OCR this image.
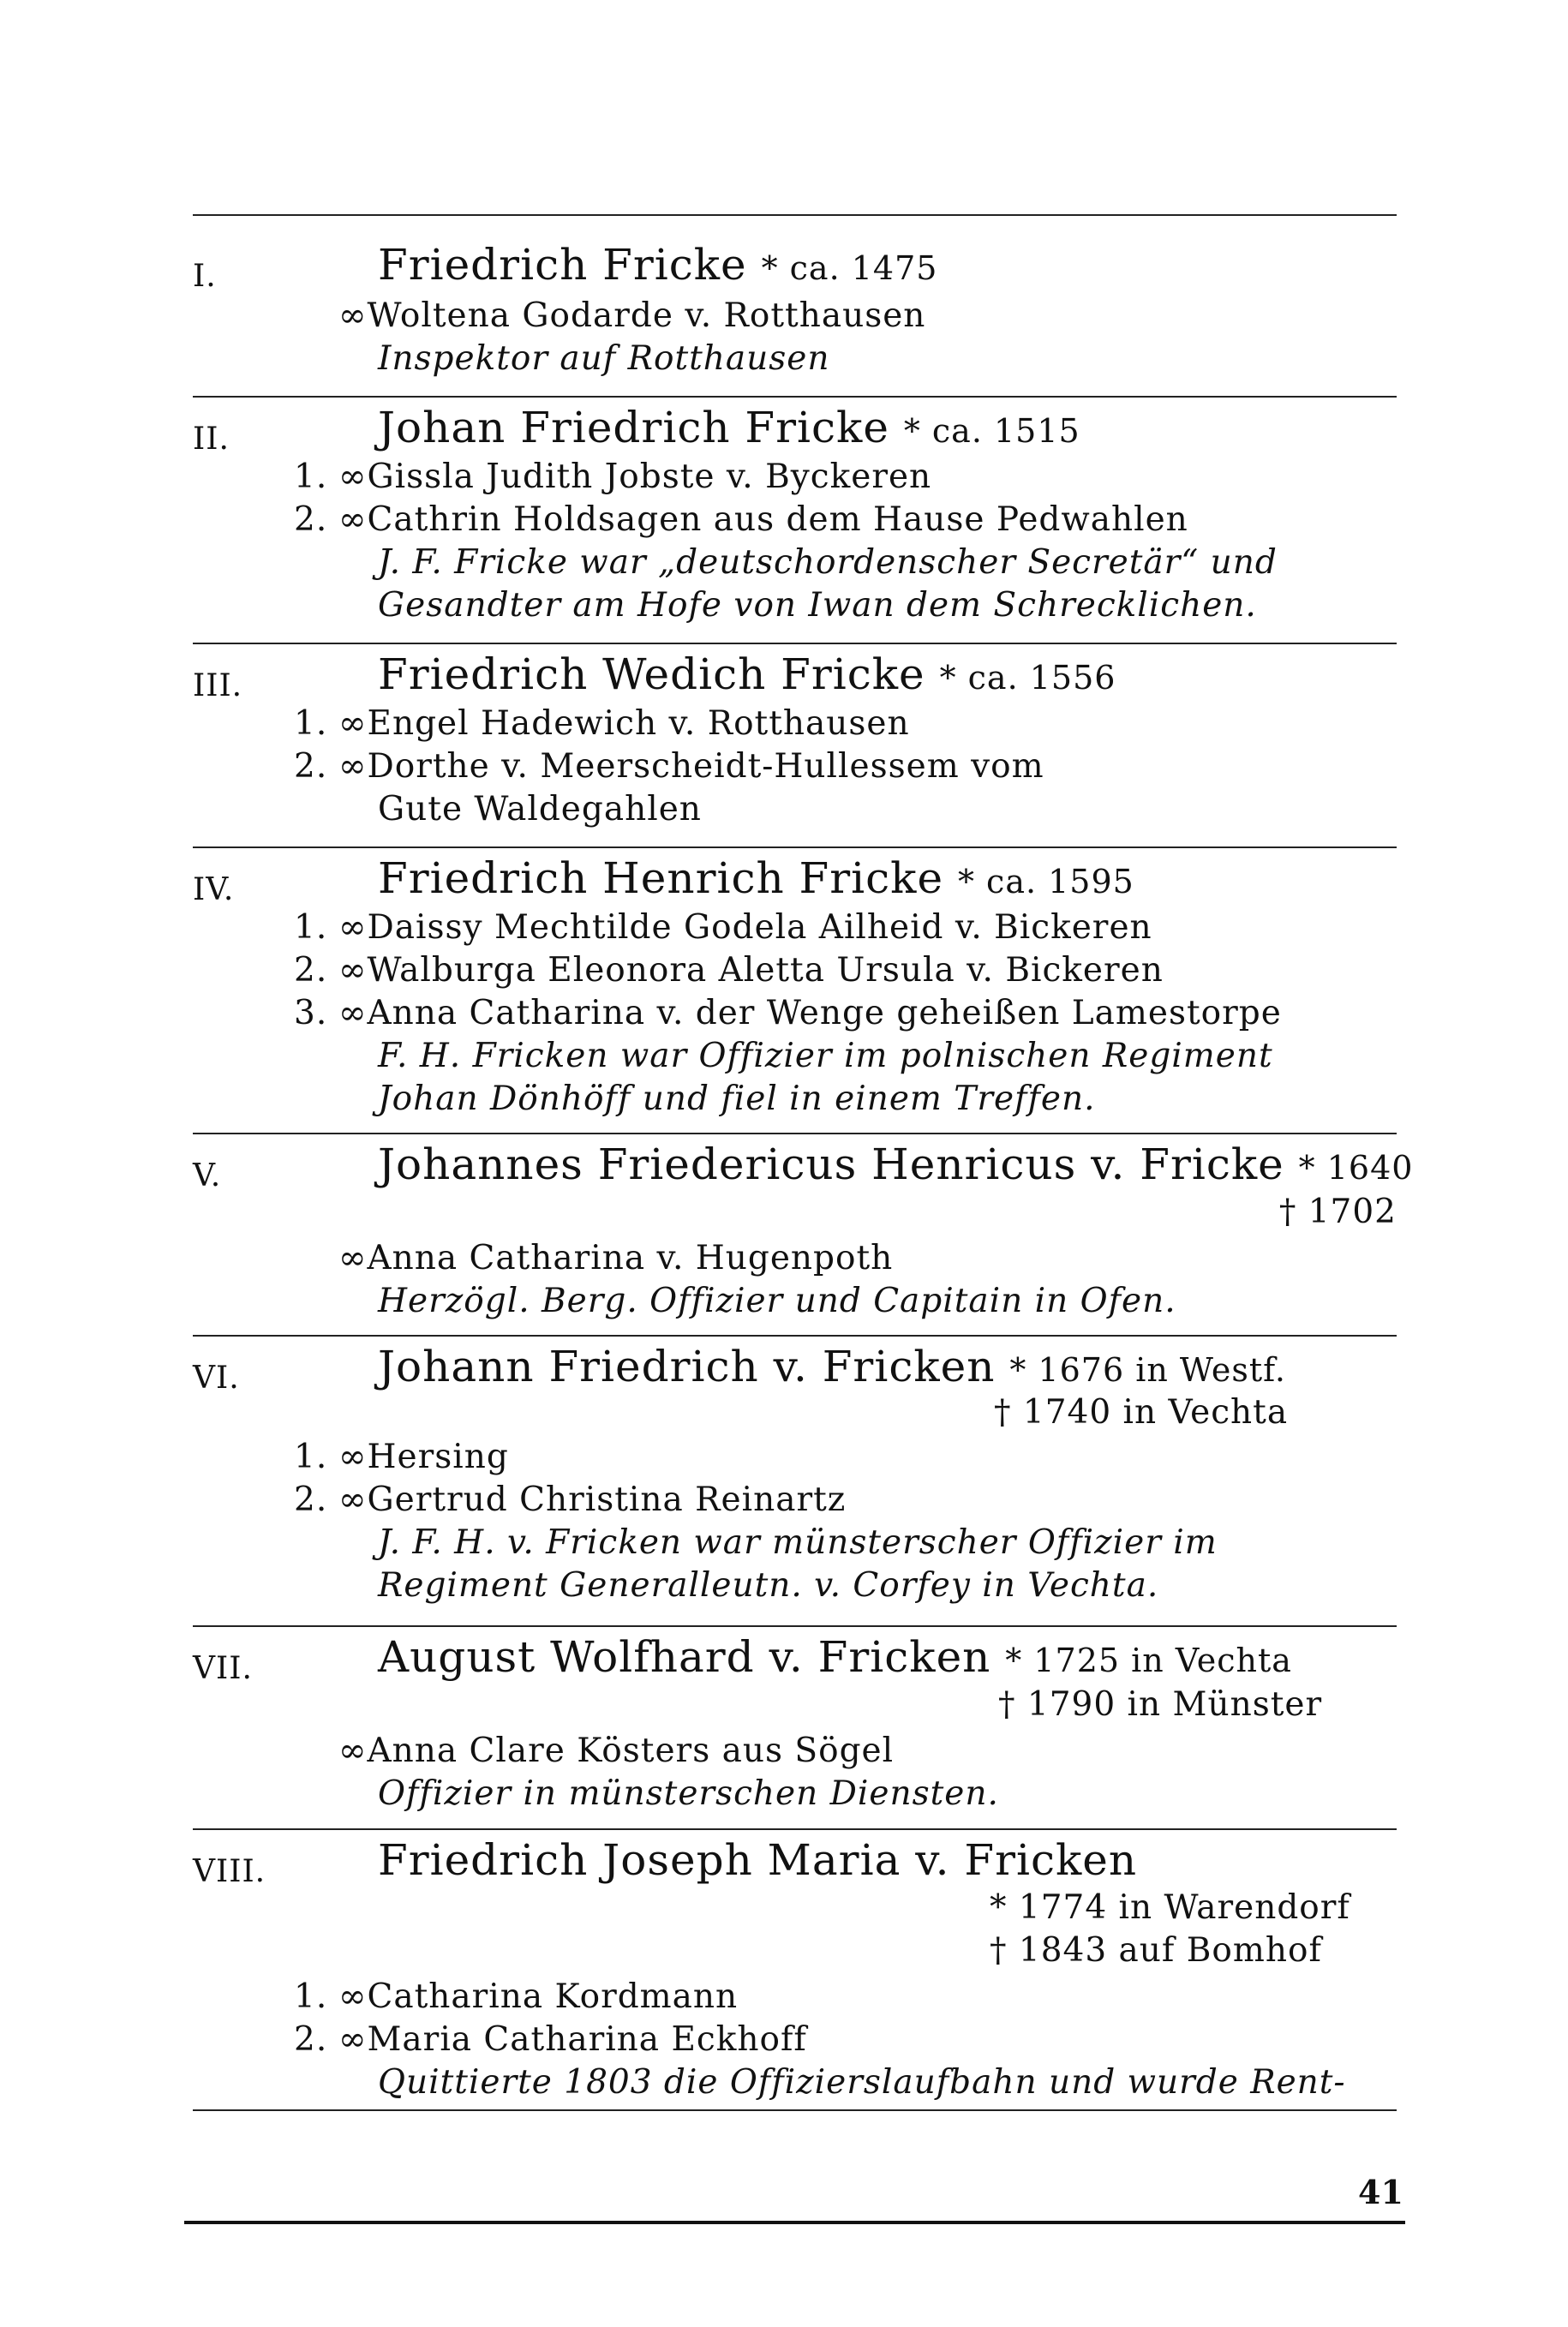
I.	Friedrich Fricke * ca. 1475
∞Woltena Godarde v. Rotthausen
Inspektor auf Rotthausen
II.	Johan Friedrich Fricke * ca. 1515
1. ∞Gissla Judith Jobste v. Byckeren
2. ∞Cathrin Holdsagen aus dem Hause Pedwahlen
J. F. Fricke war „deutschordenscher Secretär“ und
Gesandter am Hofe von Iwan dem Schrecklichen.
III.	Friedrich Wedich Fricke * ca. 1556
1. ∞Engel Hadewich v. Rotthausen
2. ∞Dorthe v. Meerscheidt-Hullessem vom
Gute Waldegahlen
IV.	Friedrich Henrich Fricke * ca. 1595
1. ∞Daissy Mechtilde Godela Ailheid v. Bickeren
2. ∞Walburga Eleonora Aletta Ursula v. Bickeren
3. ∞Anna Catharina v. der Wenge geheißen Lamestorpe
F. H. Fricken war Offizier im polnischen Regiment
Johan Dönhöff und fiel in einem Treffen.
V.	Johannes Friedericus Henricus v. Fricke * 1640
† 1702
∞Anna Catharina v. Hugenpoth
Herzögl. Berg. Offizier und Capitain in Ofen.
VI.	Johann Friedrich v. Fricken * 1676 in Westf.
† 1740 in Vechta
1. ∞Hersing
2. ∞Gertrud Christina Reinartz
J. F. H. v. Fricken war münsterscher Offizier im
Regiment Generalleutn. v. Corfey in Vechta.
VII.	August Wolfhard v. Fricken * 1725 in Vechta
† 1790 in Münster
∞Anna Clare Kösters aus Sögel
Offizier in münsterschen Diensten.
VIII.	Friedrich Joseph Maria v. Fricken
* 1774 in Warendorf
† 1843 auf Bomhof
1. ∞Catharina Kordmann
2. ∞Maria Catharina Eckhoff
Quittierte 1803 die Offizierslaufbahn und wurde Rent-
41
